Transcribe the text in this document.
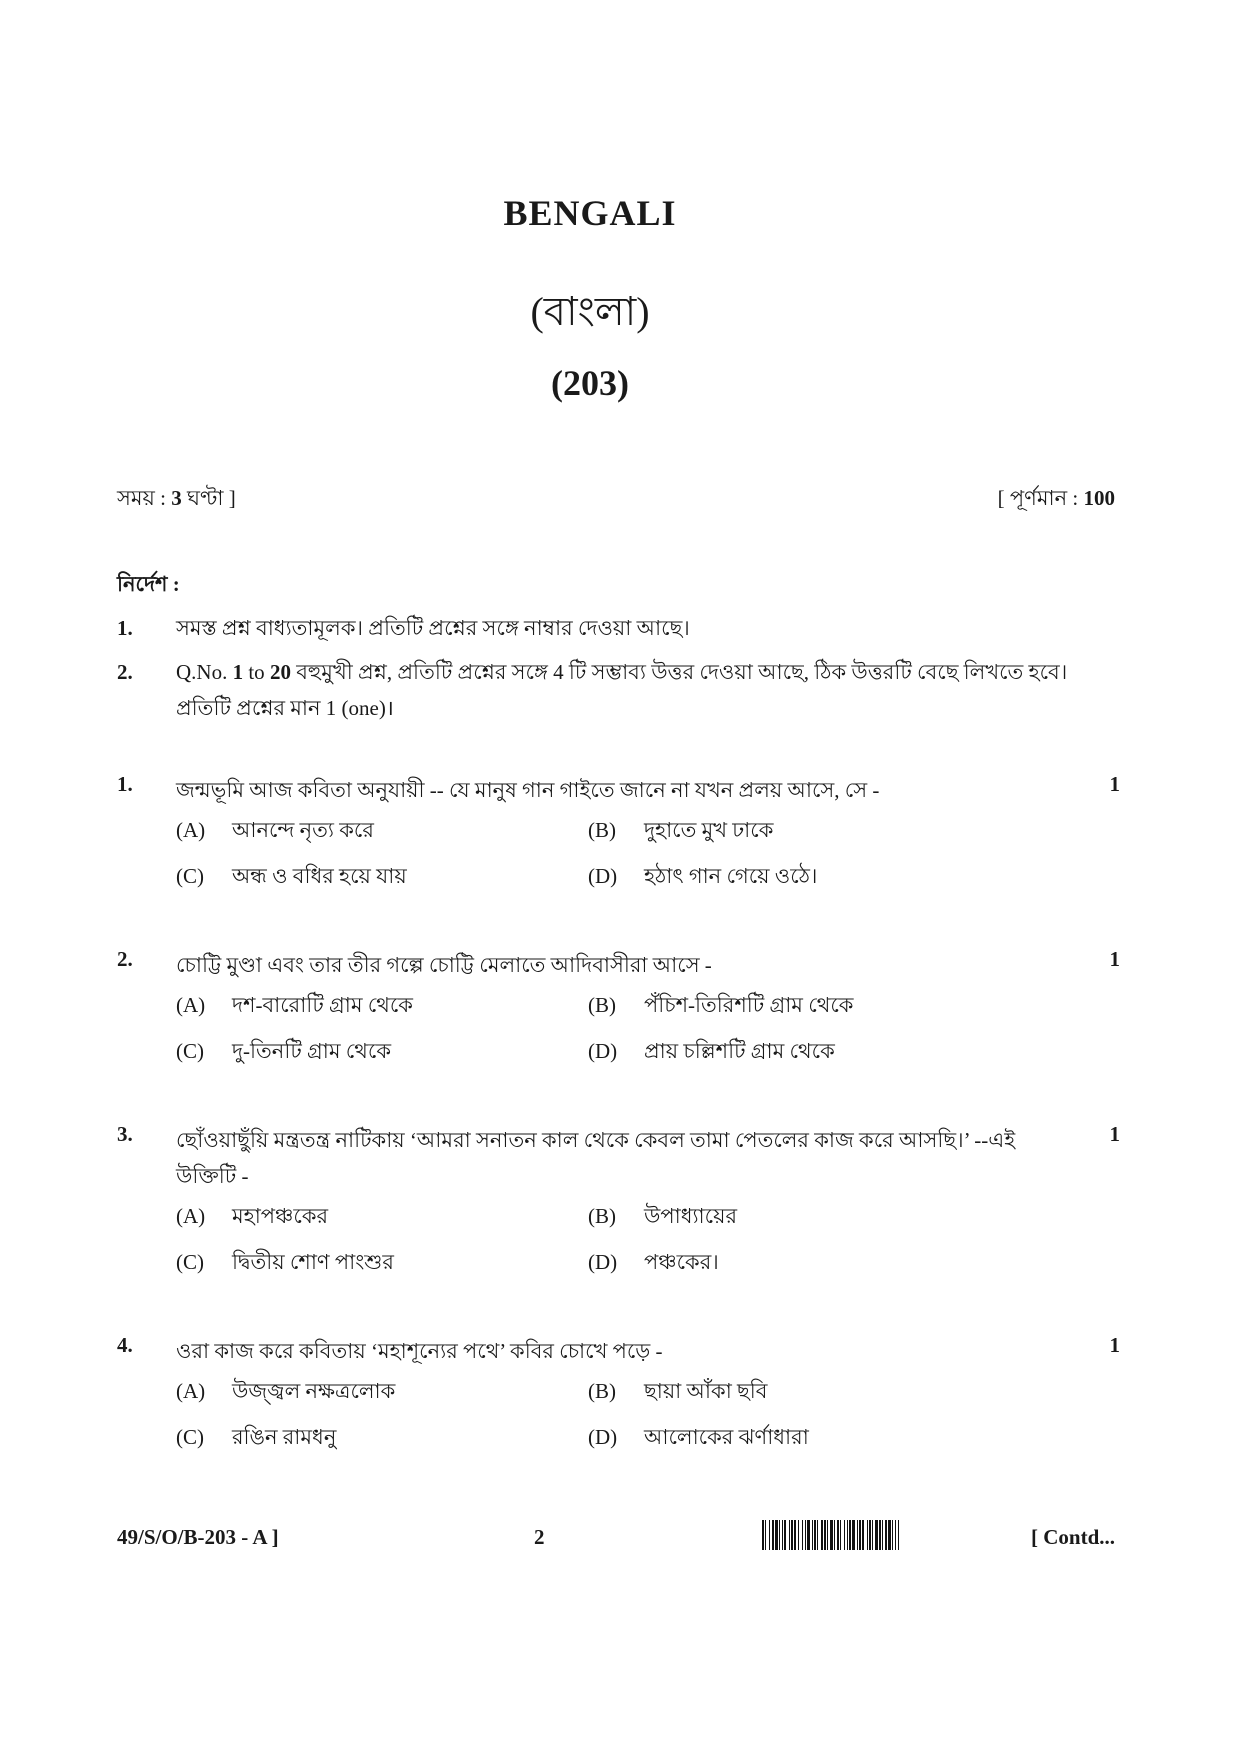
BENGALI
(বাংলা)
(203)
সময় : 3 ঘণ্টা ]	[ পূর্ণমান : 100
নির্দেশ :
1. সমস্ত প্রশ্ন বাধ্যতামূলক। প্রতিটি প্রশ্নের সঙ্গে নাম্বার দেওয়া আছে।
2. Q.No. 1 to 20 বহুমুখী প্রশ্ন, প্রতিটি প্রশ্নের সঙ্গে 4 টি সম্ভাব্য উত্তর দেওয়া আছে, ঠিক উত্তরটি বেছে লিখতে হবে। প্রতিটি প্রশ্নের মান 1 (one)।
1. জন্মভূমি আজ কবিতা অনুযায়ী -- যে মানুষ গান গাইতে জানে না যখন প্রলয় আসে, সে -	1
(A) আনন্দে নৃত্য করে	(B) দুহাতে মুখ ঢাকে
(C) অন্ধ ও বধির হয়ে যায়	(D) হঠাৎ গান গেয়ে ওঠে।
2. চোট্টি মুণ্ডা এবং তার তীর গল্পে চোট্টি মেলাতে আদিবাসীরা আসে -	1
(A) দশ-বারোটি গ্রাম থেকে	(B) পঁচিশ-তিরিশটি গ্রাম থেকে
(C) দু-তিনটি গ্রাম থেকে	(D) প্রায় চল্লিশটি গ্রাম থেকে
3. ছোঁওয়াছুঁয়ি মন্ত্রতন্ত্র নাটিকায় ‘আমরা সনাতন কাল থেকে কেবল তামা পেতলের কাজ করে আসছি।’ --এই উক্তিটি -
1
(A) মহাপঞ্চকের	(B) উপাধ্যায়ের
(C) দ্বিতীয় শোণ পাংশুর	(D) পঞ্চকের।
4. ওরা কাজ করে কবিতায় ‘মহাশূন্যের পথে’ কবির চোখে পড়ে -	1
(A) উজ্জ্বল নক্ষত্রলোক	(B) ছায়া আঁকা ছবি
(C) রঙিন রামধনু	(D) আলোকের ঝর্ণাধারা
49/S/O/B-203 - A ]	2	[ Contd...
